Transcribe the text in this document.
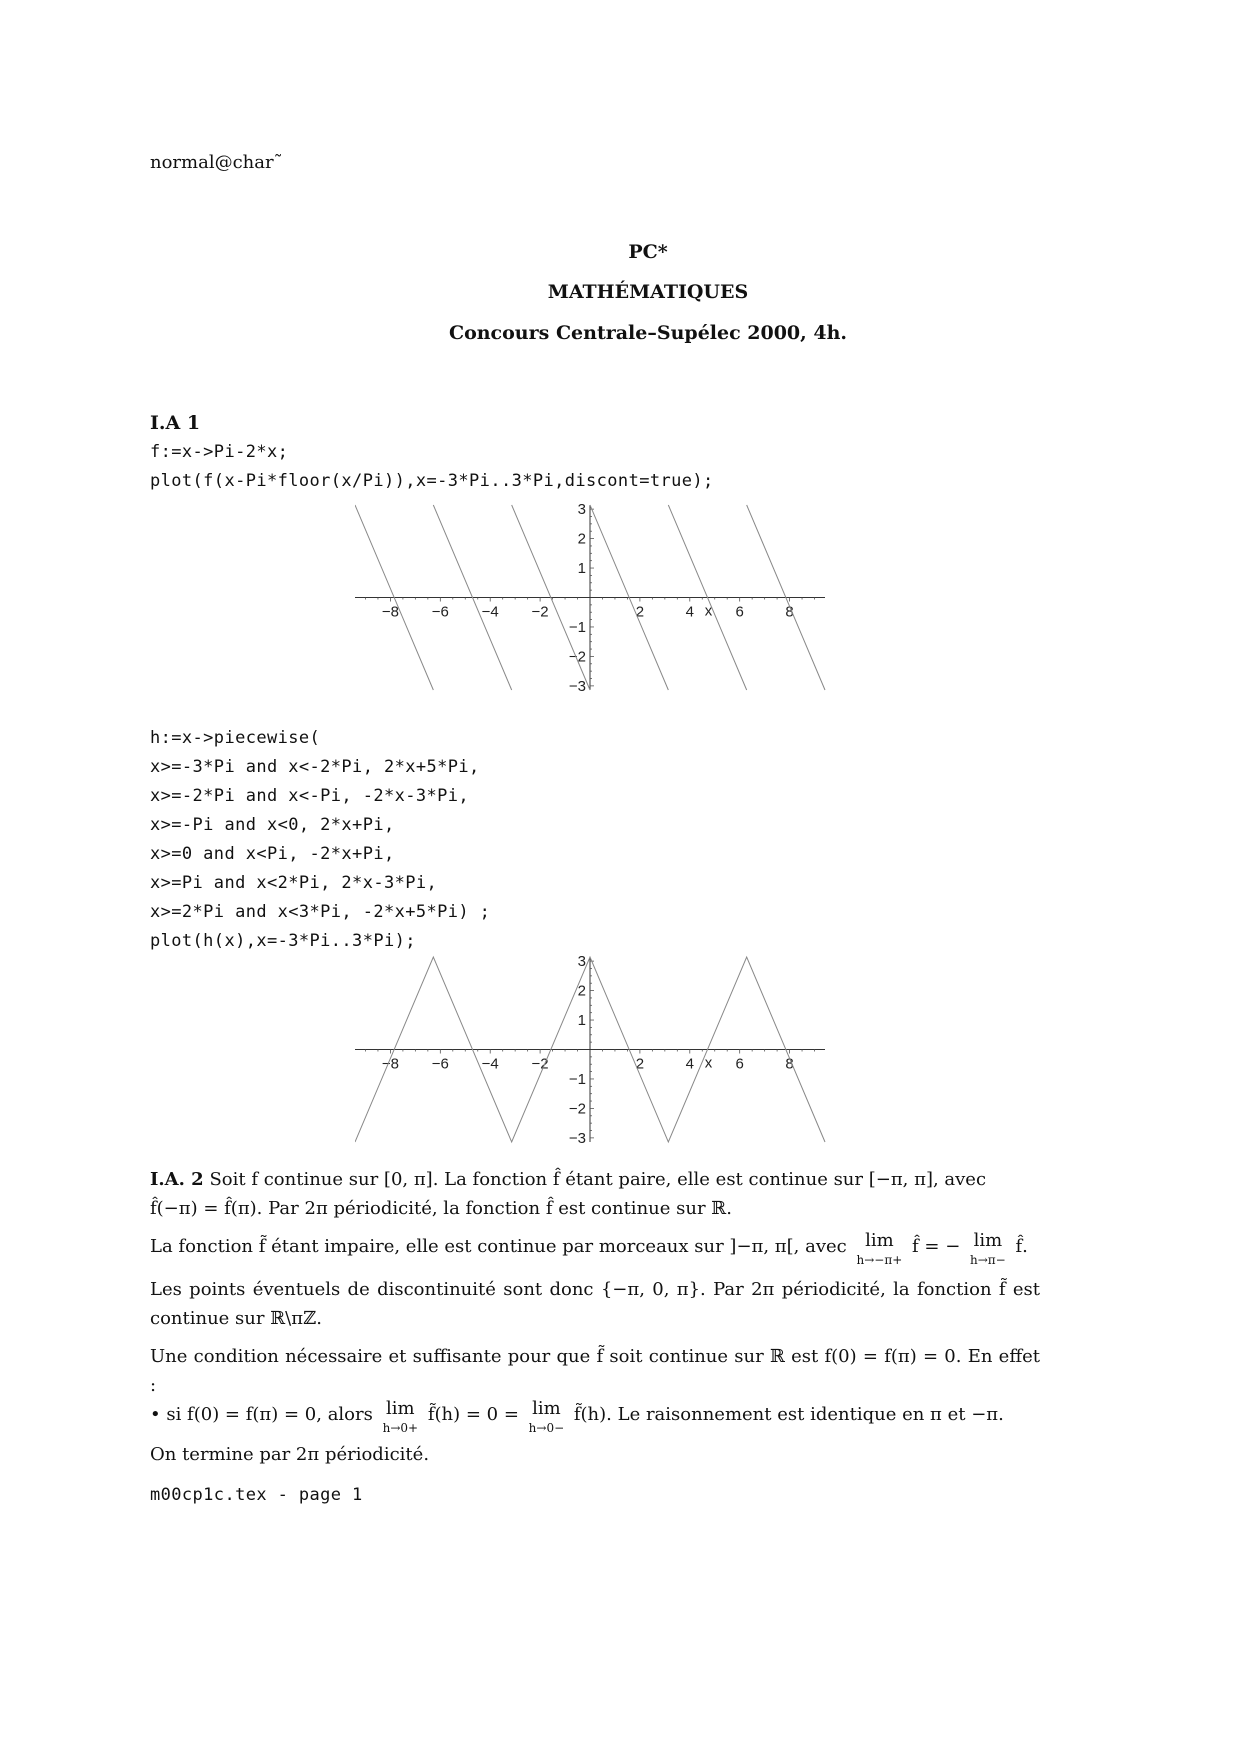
normal@char˜
PC*
MATHÉMATIQUES
Concours Centrale–Supélec 2000, 4h.
I.A 1
f:=x->Pi-2*x;
plot(f(x-Pi*floor(x/Pi)),x=-3*Pi..3*Pi,discont=true);
−8 −6 −4 −2	2	4	6	8
3
2
1
−1
−2
−3
x
h:=x->piecewise(
x>=-3*Pi and x<-2*Pi, 2*x+5*Pi,
x>=-2*Pi and x<-Pi, -2*x-3*Pi,
x>=-Pi and x<0, 2*x+Pi,
x>=0 and x<Pi, -2*x+Pi,
x>=Pi and x<2*Pi, 2*x-3*Pi,
x>=2*Pi and x<3*Pi, -2*x+5*Pi) ;
plot(h(x),x=-3*Pi..3*Pi);
−8 −6 −4 −2	2	4	6	8
3
2
1
−1
−2
−3
x
I.A. 2 Soit f continue sur [0, π]. La fonction f̂ étant paire, elle est continue sur [−π, π], avec
f̂(−π) = f̂(π). Par 2π périodicité, la fonction f̂ est continue sur ℝ.
La fonction f̃ étant impaire, elle est continue par morceaux sur ]−π, π[, avec lim
h→−π+ f̂ = − lim
h→π− f̂.
Les points éventuels de discontinuité sont donc {−π, 0, π}. Par 2π périodicité, la fonction f̃ est continue sur ℝ\πℤ.
Une condition nécessaire et suffisante pour que f̃ soit continue sur ℝ est f(0) = f(π) = 0. En effet :
• si f(0) = f(π) = 0, alors lim
h→0+ f̃(h) = 0 = lim
h→0− f̃(h). Le raisonnement est identique en π et −π.
On termine par 2π périodicité.
m00cp1c.tex - page 1
